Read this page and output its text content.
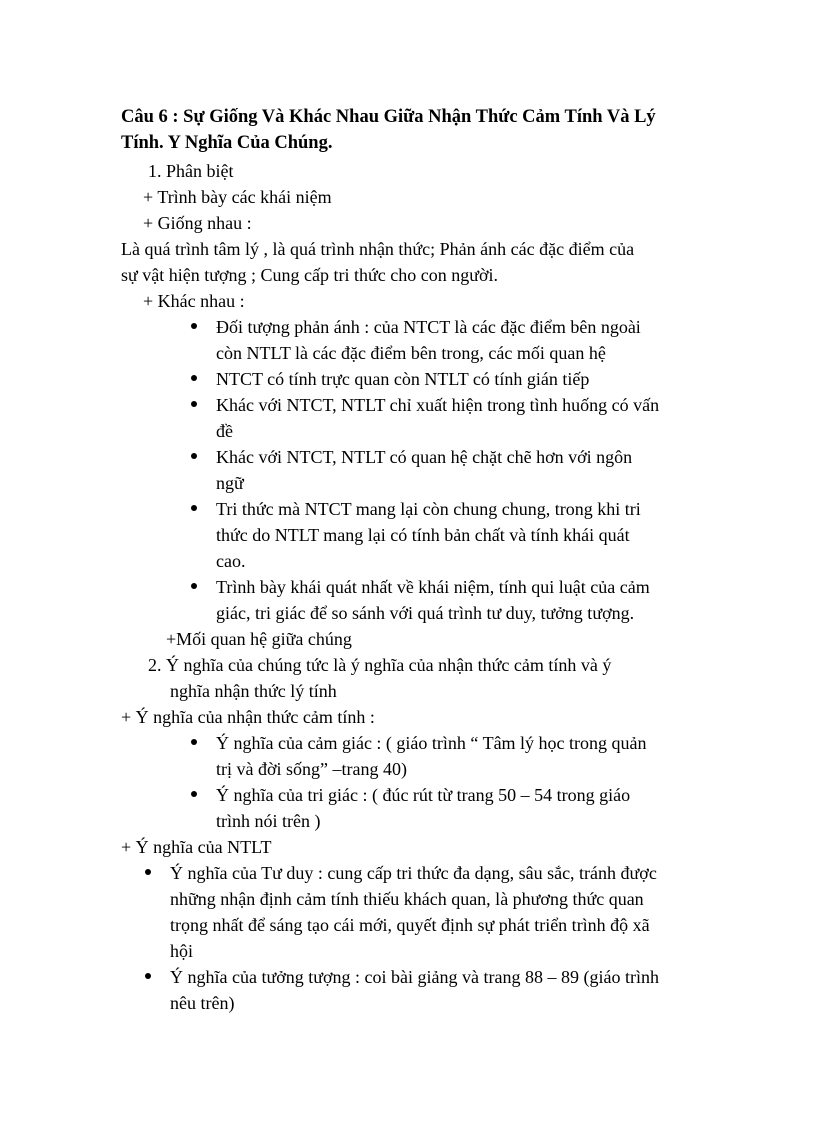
Câu 6 : Sự Giống Và Khác Nhau Giữa Nhận Thức Cảm Tính Và Lý
Tính. Y Nghĩa Của Chúng.
1. Phân biệt
+ Trình bày các khái niệm
+ Giống nhau :
Là quá trình tâm lý , là quá trình nhận thức; Phản ánh các đặc điểm của
sự vật hiện tượng ; Cung cấp tri thức cho con người.
+ Khác nhau :
Đối tượng phản ánh : của NTCT là các đặc điểm bên ngoài
còn NTLT là các đặc điểm bên trong, các mối quan hệ
NTCT có tính trực quan còn NTLT có tính gián tiếp
Khác với NTCT, NTLT chỉ xuất hiện trong tình huống có vấn
đề
Khác với NTCT, NTLT có quan hệ chặt chẽ hơn với ngôn
ngữ
Tri thức mà NTCT mang lại còn chung chung, trong khi tri
thức do NTLT mang lại có tính bản chất và tính khái quát
cao.
Trình bày khái quát nhất về khái niệm, tính qui luật của cảm
giác, tri giác để so sánh với quá trình tư duy, tưởng tượng.
+Mối quan hệ giữa chúng
2. Ý nghĩa của chúng tức là ý nghĩa của nhận thức cảm tính và ý
nghĩa nhận thức lý tính
+ Ý nghĩa của nhận thức cảm tính :
Ý nghĩa của cảm giác : ( giáo trình “ Tâm lý học trong quản
trị và đời sống” –trang 40)
Ý nghĩa của tri giác : ( đúc rút từ trang 50 – 54 trong giáo
trình nói trên )
+ Ý nghĩa của NTLT
Ý nghĩa của Tư duy : cung cấp tri thức đa dạng, sâu sắc, tránh được
những nhận định cảm tính thiếu khách quan, là phương thức quan
trọng nhất để sáng tạo cái mới, quyết định sự phát triển trình độ xã
hội
Ý nghĩa của tưởng tượng : coi bài giảng và trang 88 – 89 (giáo trình
nêu trên)
